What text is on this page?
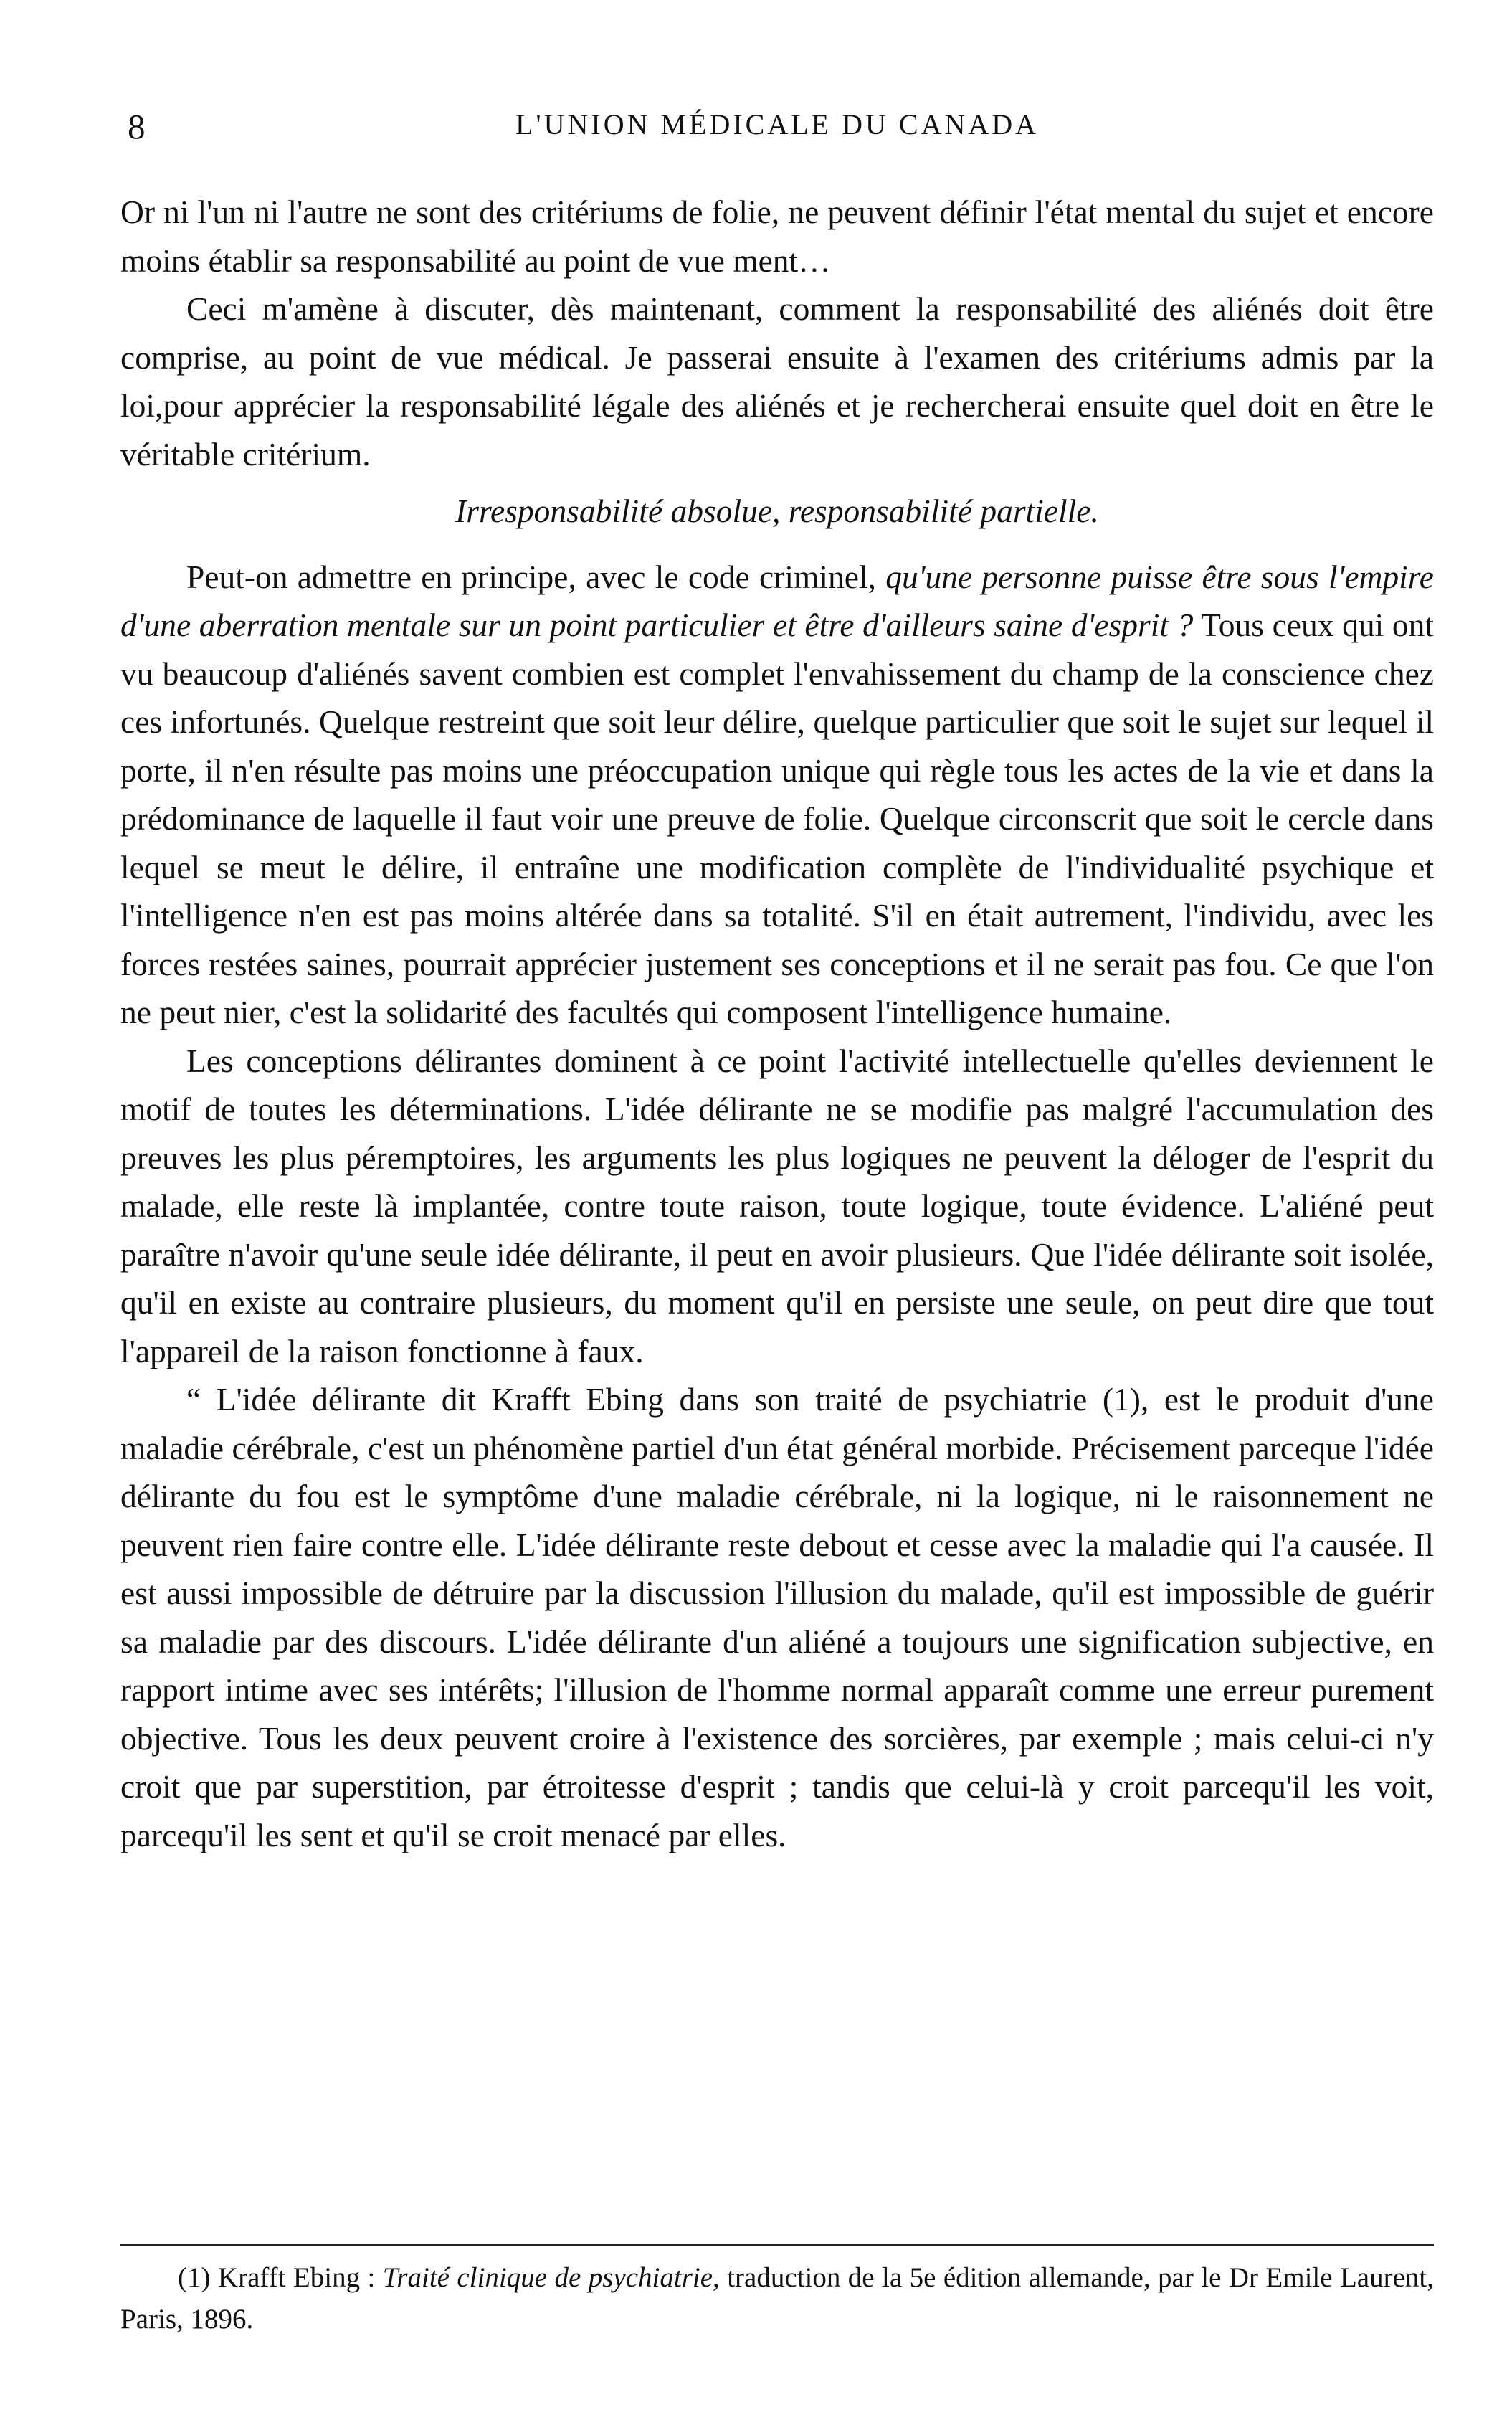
8	L'UNION MÉDICALE DU CANADA

Or ni l'un ni l'autre ne sont des critériums de folie, ne peuvent définir l'état mental du sujet et encore moins établir sa responsabilité au point de vue ment…

Ceci m'amène à discuter, dès maintenant, comment la responsabilité des aliénés doit être comprise, au point de vue médical. Je passerai ensuite à l'examen des critériums admis par la loi,pour apprécier la responsabilité légale des aliénés et je rechercherai ensuite quel doit en être le véritable critérium.

Irresponsabilité absolue, responsabilité partielle.

Peut-on admettre en principe, avec le code criminel, qu'une personne puisse être sous l'empire d'une aberration mentale sur un point particulier et être d'ailleurs saine d'esprit ? Tous ceux qui ont vu beaucoup d'aliénés savent combien est complet l'envahissement du champ de la conscience chez ces infortunés. Quelque restreint que soit leur délire, quelque particulier que soit le sujet sur lequel il porte, il n'en résulte pas moins une préoccupation unique qui règle tous les actes de la vie et dans la prédominance de laquelle il faut voir une preuve de folie. Quelque circonscrit que soit le cercle dans lequel se meut le délire, il entraîne une modification complète de l'individualité psychique et l'intelligence n'en est pas moins altérée dans sa totalité. S'il en était autrement, l'individu, avec les forces restées saines, pourrait apprécier justement ses conceptions et il ne serait pas fou. Ce que l'on ne peut nier, c'est la solidarité des facultés qui composent l'intelligence humaine.

Les conceptions délirantes dominent à ce point l'activité intellectuelle qu'elles deviennent le motif de toutes les déterminations. L'idée délirante ne se modifie pas malgré l'accumulation des preuves les plus péremptoires, les arguments les plus logiques ne peuvent la déloger de l'esprit du malade, elle reste là implantée, contre toute raison, toute logique, toute évidence. L'aliéné peut paraître n'avoir qu'une seule idée délirante, il peut en avoir plusieurs. Que l'idée délirante soit isolée, qu'il en existe au contraire plusieurs, du moment qu'il en persiste une seule, on peut dire que tout l'appareil de la raison fonctionne à faux.

“ L'idée délirante dit Krafft Ebing dans son traité de psychiatrie (1), est le produit d'une maladie cérébrale, c'est un phénomène partiel d'un état général morbide. Précisement parceque l'idée délirante du fou est le symptôme d'une maladie cérébrale, ni la logique, ni le raisonnement ne peuvent rien faire contre elle. L'idée délirante reste debout et cesse avec la maladie qui l'a causée. Il est aussi impossible de détruire par la discussion l'illusion du malade, qu'il est impossible de guérir sa maladie par des discours. L'idée délirante d'un aliéné a toujours une signification subjective, en rapport intime avec ses intérêts; l'illusion de l'homme normal apparaît comme une erreur purement objective. Tous les deux peuvent croire à l'existence des sorcières, par exemple ; mais celui-ci n'y croit que par superstition, par étroitesse d'esprit ; tandis que celui-là y croit parcequ'il les voit, parcequ'il les sent et qu'il se croit menacé par elles.

(1) Krafft Ebing : Traité clinique de psychiatrie, traduction de la 5e édition allemande, par le Dr Emile Laurent, Paris, 1896.
